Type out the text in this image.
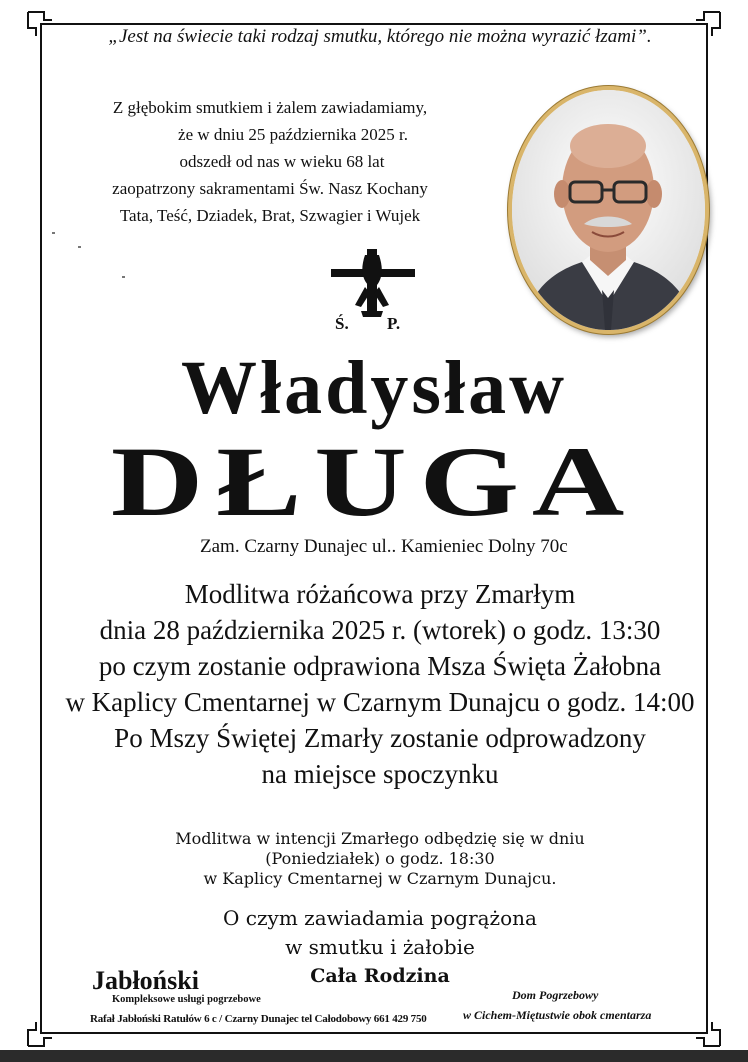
„Jest na świecie taki rodzaj smutku, którego nie można wyrazić łzami”.
Z głębokim smutkiem i żalem zawiadamiamy,
że w dniu 25 października 2025 r.
odszedł od nas w wieku 68 lat
zaopatrzony sakramentami Św. Nasz Kochany
Tata, Teść, Dziadek, Brat, Szwagier i Wujek
Ś. P.
Władysław
DŁUGA
Zam. Czarny Dunajec ul.. Kamieniec Dolny 70c
Modlitwa różańcowa przy Zmarłym
dnia 28 października 2025 r. (wtorek) o godz. 13:30
po czym zostanie odprawiona Msza Święta Żałobna
w Kaplicy Cmentarnej w Czarnym Dunajcu o godz. 14:00
Po Mszy Świętej Zmarły zostanie odprowadzony
na miejsce spoczynku
Modlitwa w intencji Zmarłego odbędzię się w dniu
(Poniedziałek) o godz. 18:30
w Kaplicy Cmentarnej w Czarnym Dunajcu.
O czym zawiadamia pogrążona
w smutku i żałobie
Cała Rodzina
Jabłoński
Kompleksowe usługi pogrzebowe
Rafał Jabłoński Ratułów 6 c / Czarny Dunajec tel Całodobowy 661 429 750
Dom Pogrzebowy
w Cichem-Miętustwie obok cmentarza
